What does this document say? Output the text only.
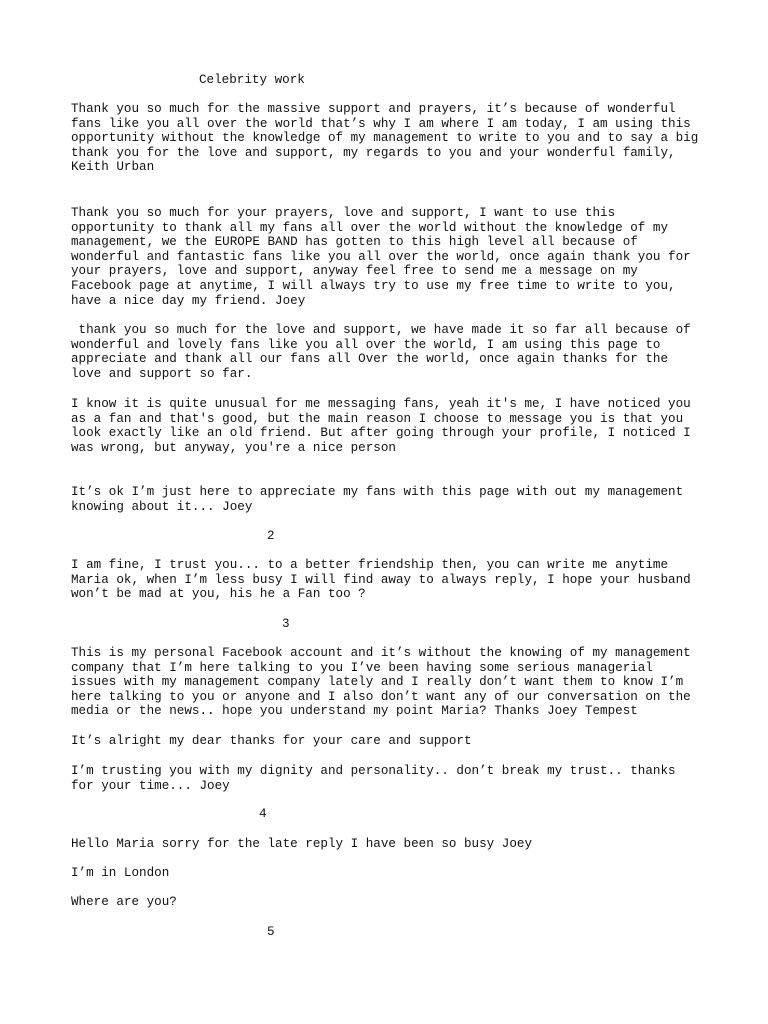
Celebrity work

Thank you so much for the massive support and prayers, it’s because of wonderful
fans like you all over the world that’s why I am where I am today, I am using this
opportunity without the knowledge of my management to write to you and to say a big
thank you for the love and support, my regards to you and your wonderful family,
Keith Urban

Thank you so much for your prayers, love and support, I want to use this
opportunity to thank all my fans all over the world without the knowledge of my
management, we the EUROPE BAND has gotten to this high level all because of
wonderful and fantastic fans like you all over the world, once again thank you for
your prayers, love and support, anyway feel free to send me a message on my
Facebook page at anytime, I will always try to use my free time to write to you,
have a nice day my friend. Joey

thank you so much for the love and support, we have made it so far all because of
wonderful and lovely fans like you all over the world, I am using this page to
appreciate and thank all our fans all Over the world, once again thanks for the
love and support so far.

I know it is quite unusual for me messaging fans, yeah it's me, I have noticed you
as a fan and that's good, but the main reason I choose to message you is that you
look exactly like an old friend. But after going through your profile, I noticed I
was wrong, but anyway, you're a nice person

It’s ok I’m just here to appreciate my fans with this page with out my management
knowing about it... Joey

2

I am fine, I trust you... to a better friendship then, you can write me anytime
Maria ok, when I’m less busy I will find away to always reply, I hope your husband
won’t be mad at you, his he a Fan too ?

3

This is my personal Facebook account and it’s without the knowing of my management
company that I’m here talking to you I’ve been having some serious managerial
issues with my management company lately and I really don’t want them to know I’m
here talking to you or anyone and I also don’t want any of our conversation on the
media or the news.. hope you understand my point Maria? Thanks Joey Tempest

It’s alright my dear thanks for your care and support

I’m trusting you with my dignity and personality.. don’t break my trust.. thanks
for your time... Joey

4

Hello Maria sorry for the late reply I have been so busy Joey

I’m in London

Where are you?

5
